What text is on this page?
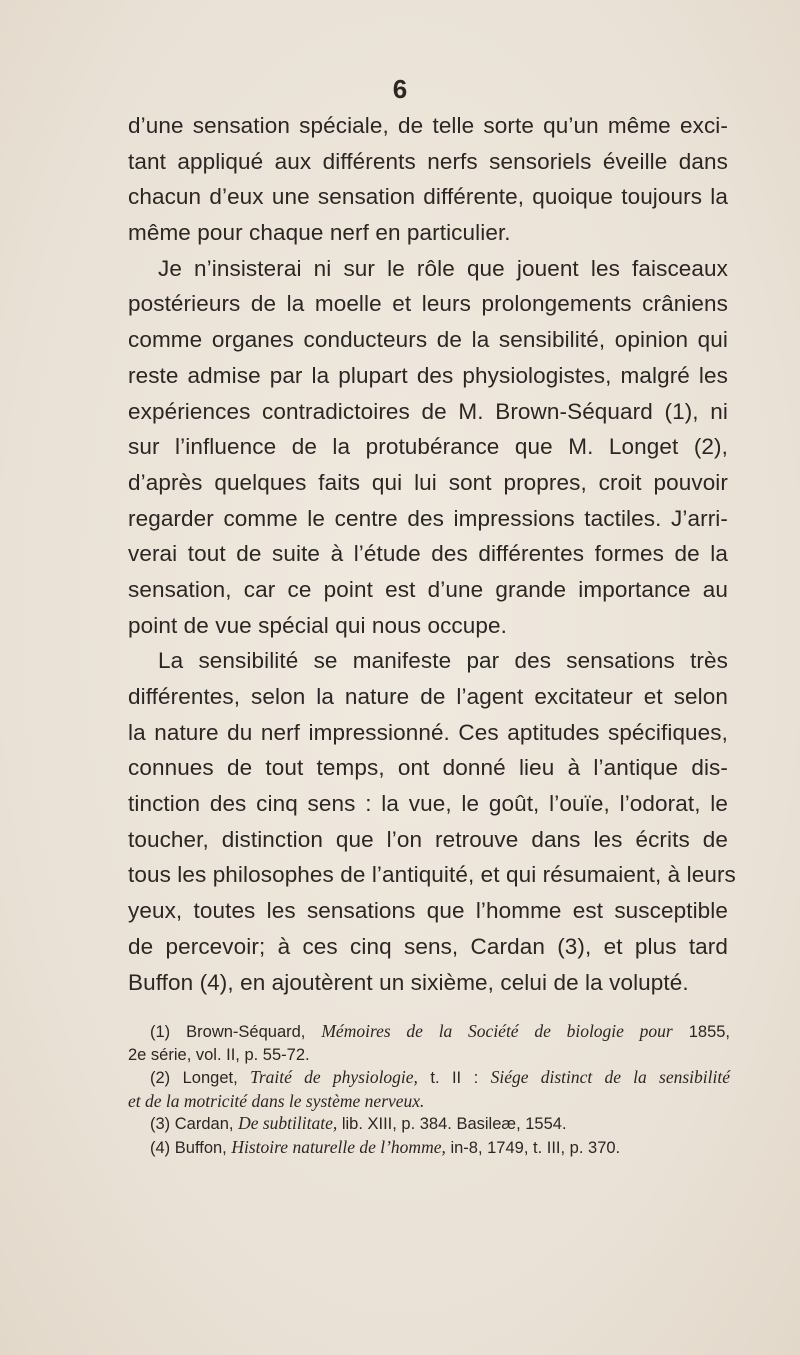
6
d’une sensation spéciale, de telle sorte qu’un même exci-
tant appliqué aux différents nerfs sensoriels éveille dans
chacun d’eux une sensation différente, quoique toujours la
même pour chaque nerf en particulier.
Je n’insisterai ni sur le rôle que jouent les faisceaux
postérieurs de la moelle et leurs prolongements crâniens
comme organes conducteurs de la sensibilité, opinion qui
reste admise par la plupart des physiologistes, malgré les
expériences contradictoires de M. Brown-Séquard (1), ni
sur l’influence de la protubérance que M. Longet (2),
d’après quelques faits qui lui sont propres, croit pouvoir
regarder comme le centre des impressions tactiles. J’arri-
verai tout de suite à l’étude des différentes formes de la
sensation, car ce point est d’une grande importance au
point de vue spécial qui nous occupe.
La sensibilité se manifeste par des sensations très
différentes, selon la nature de l’agent excitateur et selon
la nature du nerf impressionné. Ces aptitudes spécifiques,
connues de tout temps, ont donné lieu à l’antique dis-
tinction des cinq sens : la vue, le goût, l’ouïe, l’odorat, le
toucher, distinction que l’on retrouve dans les écrits de
tous les philosophes de l’antiquité, et qui résumaient, à leurs
yeux, toutes les sensations que l’homme est susceptible
de percevoir; à ces cinq sens, Cardan (3), et plus tard
Buffon (4), en ajoutèrent un sixième, celui de la volupté.
(1) Brown-Séquard, Mémoires de la Société de biologie pour 1855,
2e série, vol. II, p. 55-72.
(2) Longet, Traité de physiologie, t. II : Siége distinct de la sensibilité
et de la motricité dans le système nerveux.
(3) Cardan, De subtilitate, lib. XIII, p. 384. Basileæ, 1554.
(4) Buffon, Histoire naturelle de l’homme, in-8, 1749, t. III, p. 370.
